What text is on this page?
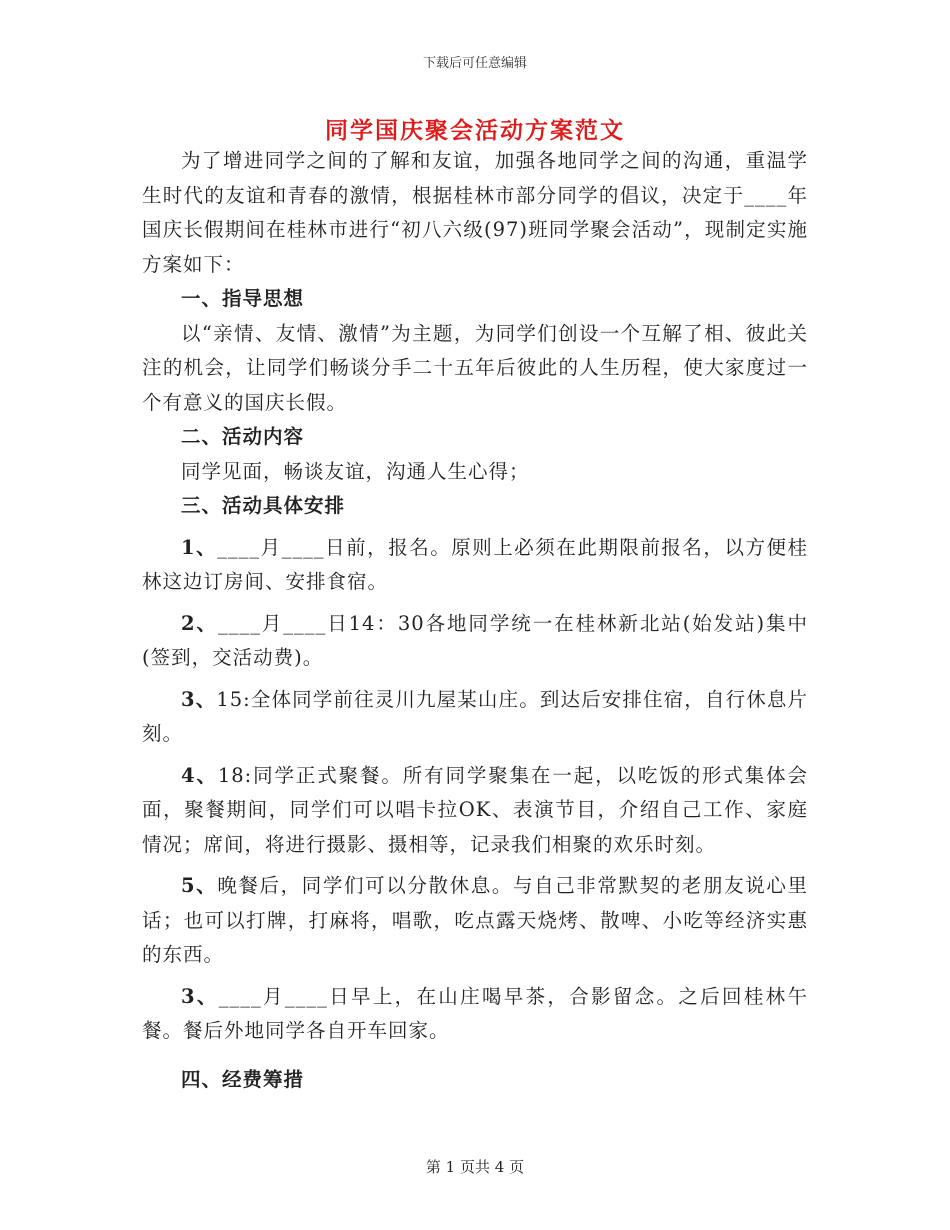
下载后可任意编辑
同学国庆聚会活动方案范文

为了增进同学之间的了解和友谊，加强各地同学之间的沟通，重温学生时代的友谊和青春的激情，根据桂林市部分同学的倡议，决定于____年国庆长假期间在桂林市进行“初八六级(97)班同学聚会活动”，现制定实施方案如下：

一、指导思想

以“亲情、友情、激情”为主题，为同学们创设一个互解了相、彼此关注的机会，让同学们畅谈分手二十五年后彼此的人生历程，使大家度过一个有意义的国庆长假。

二、活动内容

同学见面，畅谈友谊，沟通人生心得；

三、活动具体安排

1、____月____日前，报名。原则上必须在此期限前报名，以方便桂林这边订房间、安排食宿。

2、____月____日14：30各地同学统一在桂林新北站(始发站)集中(签到，交活动费)。

3、15:全体同学前往灵川九屋某山庄。到达后安排住宿，自行休息片刻。

4、18:同学正式聚餐。所有同学聚集在一起，以吃饭的形式集体会面，聚餐期间，同学们可以唱卡拉OK、表演节目，介绍自己工作、家庭情况；席间，将进行摄影、摄相等，记录我们相聚的欢乐时刻。

5、晚餐后，同学们可以分散休息。与自己非常默契的老朋友说心里话；也可以打牌，打麻将，唱歌，吃点露天烧烤、散啤、小吃等经济实惠的东西。

3、____月____日早上，在山庄喝早茶，合影留念。之后回桂林午餐。餐后外地同学各自开车回家。

四、经费筹措

第 1 页共 4 页
